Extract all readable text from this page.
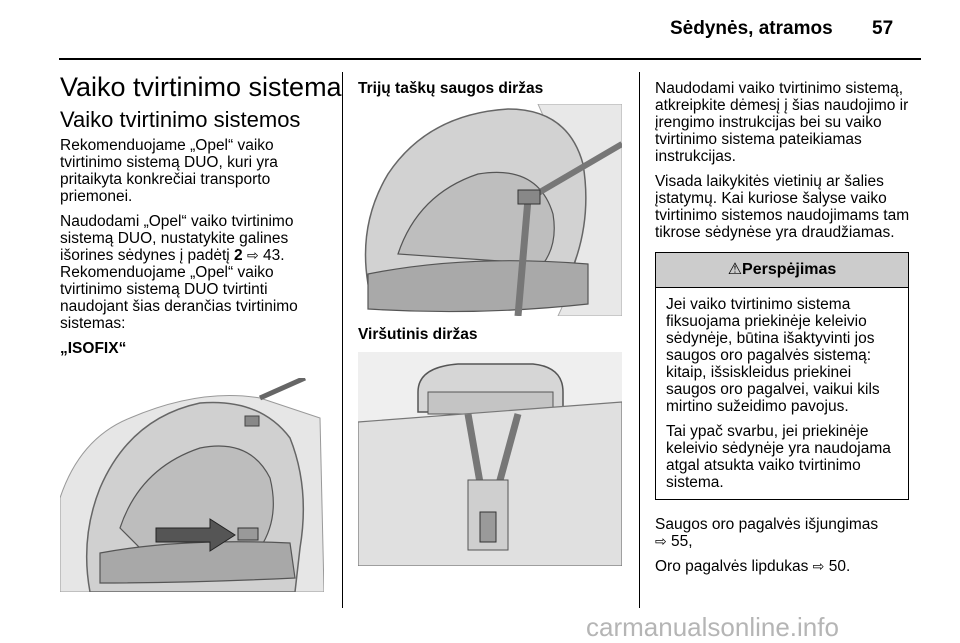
Sėdynės, atramos 57
Vaiko tvirtinimo sistema
Vaiko tvirtinimo sistemos

Rekomenduojame „Opel“ vaiko tvirtinimo sistemą DUO, kuri yra pritaikyta konkrečiai transporto priemonei.

Naudodami „Opel“ vaiko tvirtinimo sistemą DUO, nustatykite galines išorines sėdynes į padėtį 2 ⇨ 43.
Rekomenduojame „Opel“ vaiko tvirtinimo sistemą DUO tvirtinti naudojant šias derančias tvirtinimo sistemas:

„ISOFIX“

Trijų taškų saugos diržas
Viršutinis diržas

Naudodami vaiko tvirtinimo sistemą, atkreipkite dėmesį į šias naudojimo ir įrengimo instrukcijas bei su vaiko tvirtinimo sistema pateikiamas instrukcijas.

Visada laikykitės vietinių ar šalies įstatymų. Kai kuriose šalyse vaiko tvirtinimo sistemos naudojimams tam tikrose sėdynėse yra draudžiamas.

⚠Perspėjimas

Jei vaiko tvirtinimo sistema fiksuojama priekinėje keleivio sėdynėje, būtina išaktyvinti jos saugos oro pagalvės sistemą: kitaip, išsiskleidus priekinei saugos oro pagalvei, vaikui kils mirtino sužeidimo pavojus.

Tai ypač svarbu, jei priekinėje keleivio sėdynėje yra naudojama atgal atsukta vaiko tvirtinimo sistema.

Saugos oro pagalvės išjungimas
⇨ 55,

Oro pagalvės lipdukas ⇨ 50.

carmanualsonline.info
